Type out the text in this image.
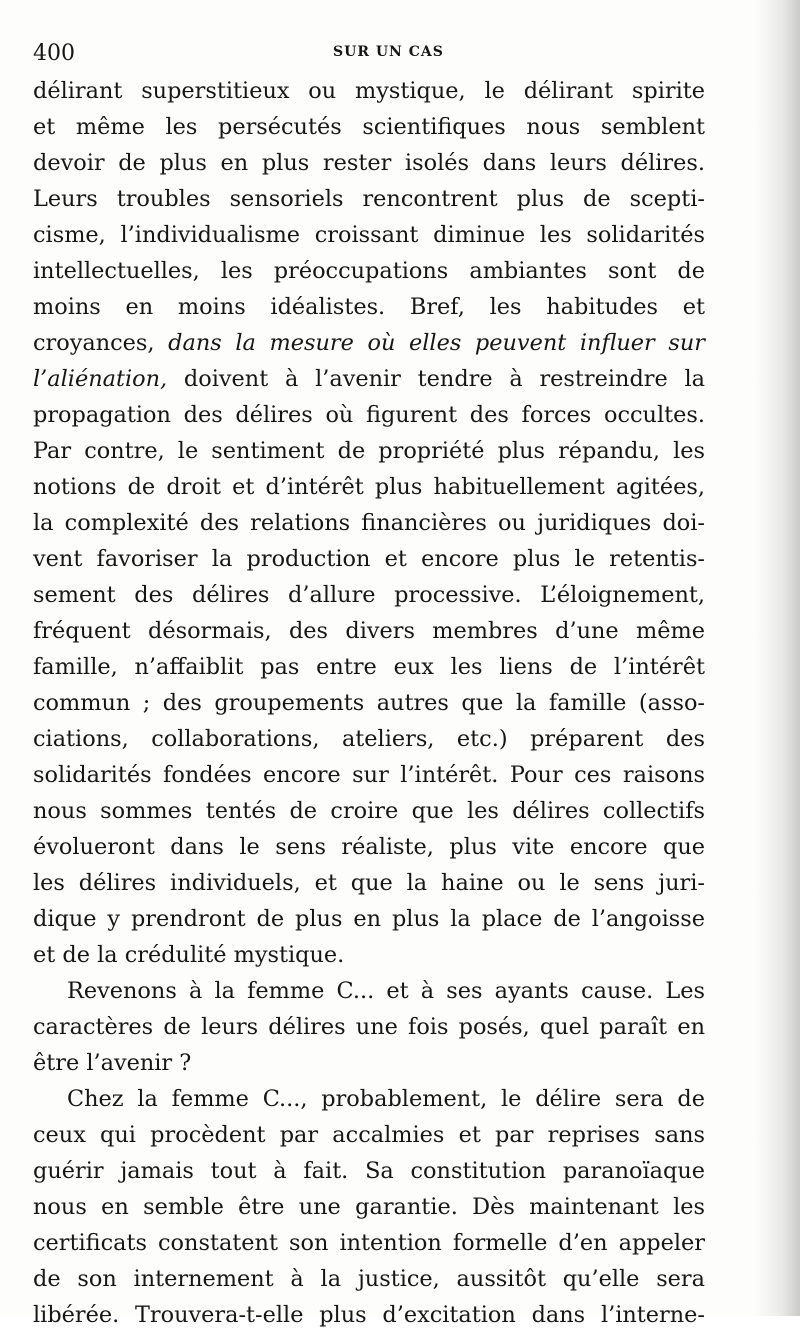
400	SUR UN CAS
délirant superstitieux ou mystique, le délirant spirite
et même les persécutés scientifiques nous semblent
devoir de plus en plus rester isolés dans leurs délires.
Leurs troubles sensoriels rencontrent plus de scepti-
cisme, l’individualisme croissant diminue les solidarités
intellectuelles, les préoccupations ambiantes sont de
moins en moins idéalistes. Bref, les habitudes et
croyances, dans la mesure où elles peuvent influer sur
l’aliénation, doivent à l’avenir tendre à restreindre la
propagation des délires où figurent des forces occultes.
Par contre, le sentiment de propriété plus répandu, les
notions de droit et d’intérêt plus habituellement agitées,
la complexité des relations financières ou juridiques doi-
vent favoriser la production et encore plus le retentis-
sement des délires d’allure processive. L’éloignement,
fréquent désormais, des divers membres d’une même
famille, n’affaiblit pas entre eux les liens de l’intérêt
commun ; des groupements autres que la famille (asso-
ciations, collaborations, ateliers, etc.) préparent des
solidarités fondées encore sur l’intérêt. Pour ces raisons
nous sommes tentés de croire que les délires collectifs
évolueront dans le sens réaliste, plus vite encore que
les délires individuels, et que la haine ou le sens juri-
dique y prendront de plus en plus la place de l’angoisse
et de la crédulité mystique.
Revenons à la femme C... et à ses ayants cause. Les
caractères de leurs délires une fois posés, quel paraît en
être l’avenir ?
Chez la femme C..., probablement, le délire sera de
ceux qui procèdent par accalmies et par reprises sans
guérir jamais tout à fait. Sa constitution paranoïaque
nous en semble être une garantie. Dès maintenant les
certificats constatent son intention formelle d’en appeler
de son internement à la justice, aussitôt qu’elle sera
libérée. Trouvera-t-elle plus d’excitation dans l’interne-
